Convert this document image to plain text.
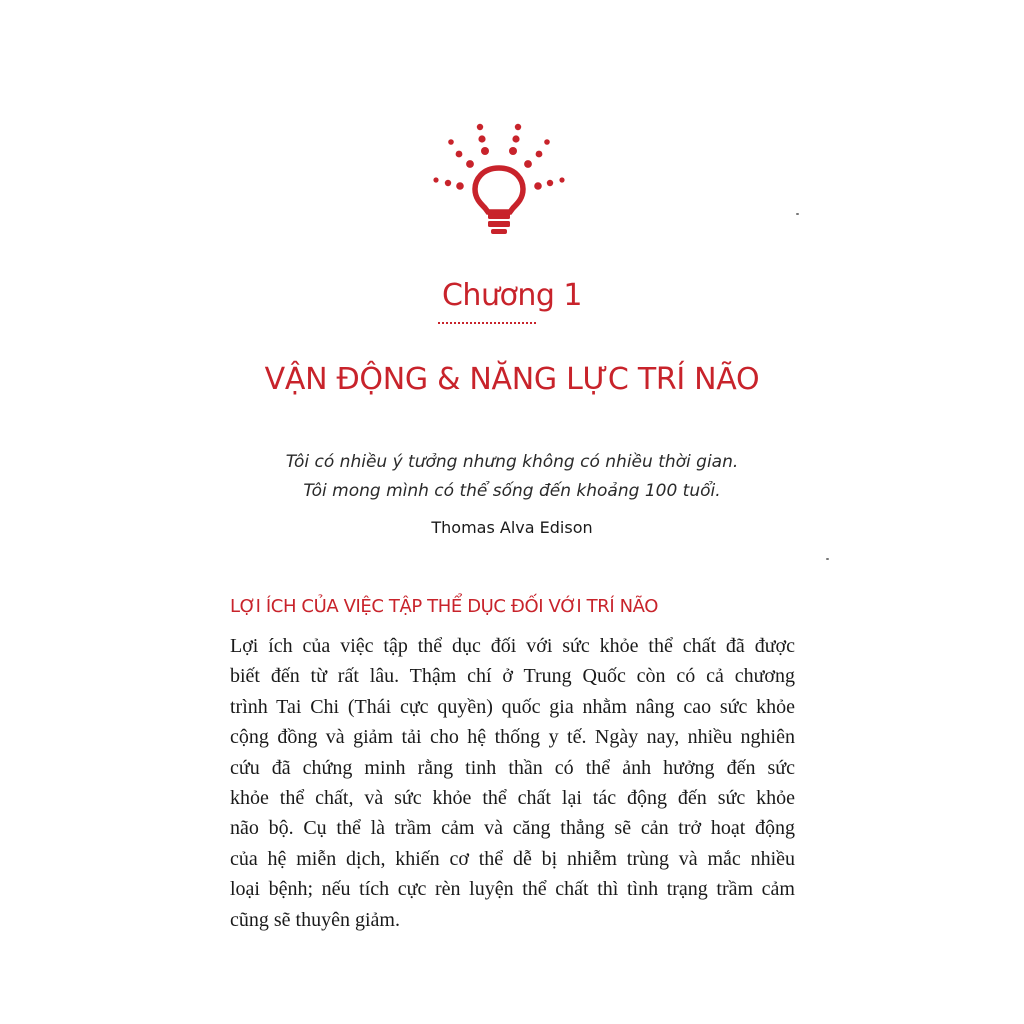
Chương 1
VẬN ĐỘNG & NĂNG LỰC TRÍ NÃO
Tôi có nhiều ý tưởng nhưng không có nhiều thời gian.
Tôi mong mình có thể sống đến khoảng 100 tuổi.
Thomas Alva Edison
LỢI ÍCH CỦA VIỆC TẬP THỂ DỤC ĐỐI VỚI TRÍ NÃO
Lợi ích của việc tập thể dục đối với sức khỏe thể chất đã được
biết đến từ rất lâu. Thậm chí ở Trung Quốc còn có cả chương
trình Tai Chi (Thái cực quyền) quốc gia nhằm nâng cao sức khỏe
cộng đồng và giảm tải cho hệ thống y tế. Ngày nay, nhiều nghiên
cứu đã chứng minh rằng tinh thần có thể ảnh hưởng đến sức
khỏe thể chất, và sức khỏe thể chất lại tác động đến sức khỏe
não bộ. Cụ thể là trầm cảm và căng thẳng sẽ cản trở hoạt động
của hệ miễn dịch, khiến cơ thể dễ bị nhiễm trùng và mắc nhiều
loại bệnh; nếu tích cực rèn luyện thể chất thì tình trạng trầm cảm
cũng sẽ thuyên giảm.
